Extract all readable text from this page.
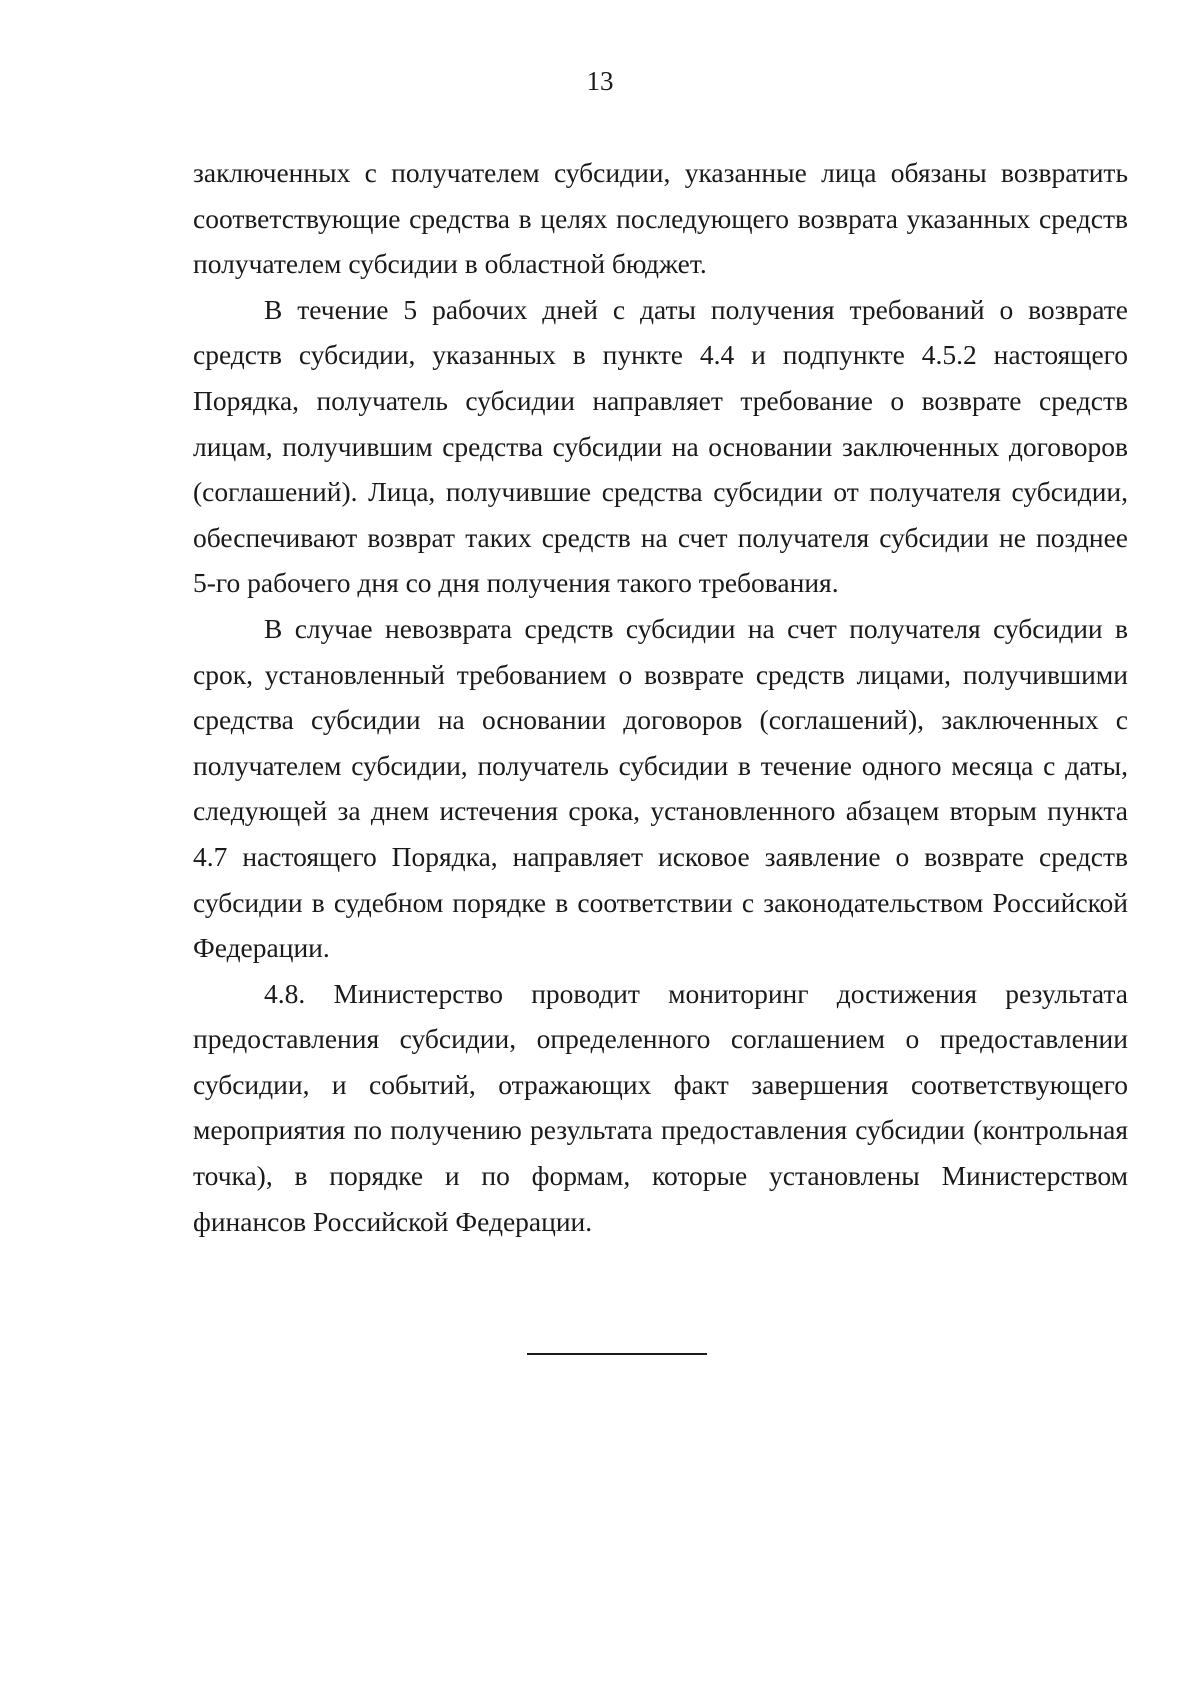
13

заключенных с получателем субсидии, указанные лица обязаны возвратить соответствующие средства в целях последующего возврата указанных средств получателем субсидии в областной бюджет.

В течение 5 рабочих дней с даты получения требований о возврате средств субсидии, указанных в пункте 4.4 и подпункте 4.5.2 настоящего Порядка, получатель субсидии направляет требование о возврате средств лицам, получившим средства субсидии на основании заключенных договоров (соглашений). Лица, получившие средства субсидии от получателя субсидии, обеспечивают возврат таких средств на счет получателя субсидии не позднее 5-го рабочего дня со дня получения такого требования.

В случае невозврата средств субсидии на счет получателя субсидии в срок, установленный требованием о возврате средств лицами, получившими средства субсидии на основании договоров (соглашений), заключенных с получателем субсидии, получатель субсидии в течение одного месяца с даты, следующей за днем истечения срока, установленного абзацем вторым пункта 4.7 настоящего Порядка, направляет исковое заявление о возврате средств субсидии в судебном порядке в соответствии с законодательством Российской Федерации.

4.8. Министерство проводит мониторинг достижения результата предоставления субсидии, определенного соглашением о предоставлении субсидии, и событий, отражающих факт завершения соответствующего мероприятия по получению результата предоставления субсидии (контрольная точка), в порядке и по формам, которые установлены Министерством финансов Российской Федерации.
